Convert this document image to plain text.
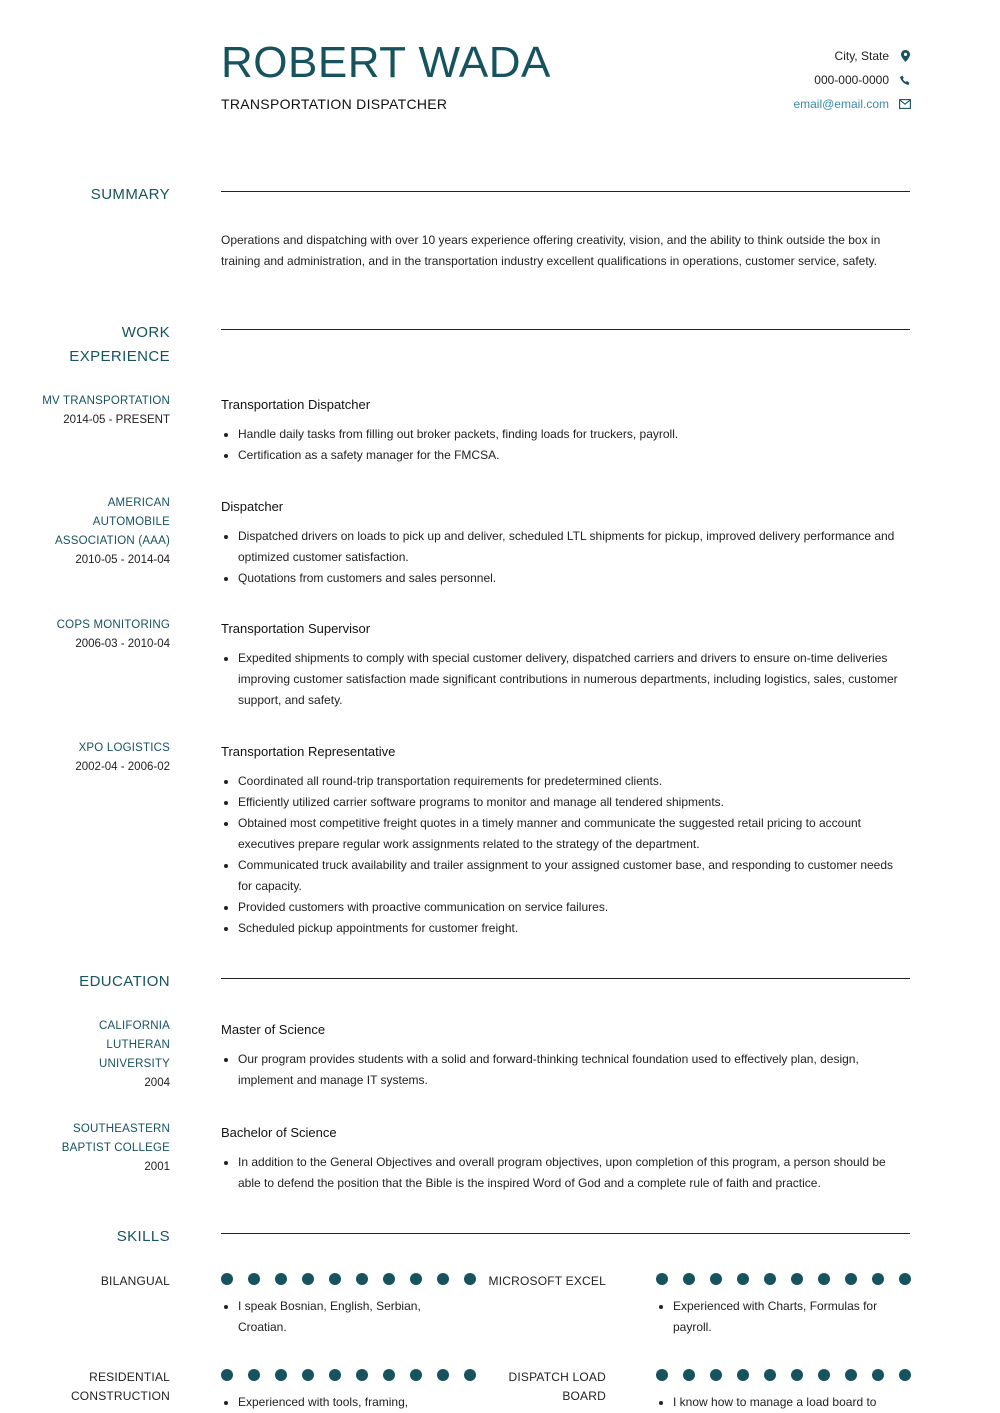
ROBERT WADA
TRANSPORTATION DISPATCHER
City, State
000-000-0000
email@email.com
SUMMARY
Operations and dispatching with over 10 years experience offering creativity, vision, and the ability to think outside the box in training and administration, and in the transportation industry excellent qualifications in operations, customer service, safety.
WORK
EXPERIENCE
MV TRANSPORTATION
2014-05 - PRESENT
Transportation Dispatcher
• Handle daily tasks from filling out broker packets, finding loads for truckers, payroll.
• Certification as a safety manager for the FMCSA.
AMERICAN
AUTOMOBILE
ASSOCIATION (AAA)
2010-05 - 2014-04
Dispatcher
• Dispatched drivers on loads to pick up and deliver, scheduled LTL shipments for pickup, improved delivery performance and optimized customer satisfaction.
• Quotations from customers and sales personnel.
COPS MONITORING
2006-03 - 2010-04
Transportation Supervisor
• Expedited shipments to comply with special customer delivery, dispatched carriers and drivers to ensure on-time deliveries improving customer satisfaction made significant contributions in numerous departments, including logistics, sales, customer support, and safety.
XPO LOGISTICS
2002-04 - 2006-02
Transportation Representative
• Coordinated all round-trip transportation requirements for predetermined clients.
• Efficiently utilized carrier software programs to monitor and manage all tendered shipments.
• Obtained most competitive freight quotes in a timely manner and communicate the suggested retail pricing to account executives prepare regular work assignments related to the strategy of the department.
• Communicated truck availability and trailer assignment to your assigned customer base, and responding to customer needs for capacity.
• Provided customers with proactive communication on service failures.
• Scheduled pickup appointments for customer freight.
EDUCATION
CALIFORNIA
LUTHERAN
UNIVERSITY
2004
Master of Science
• Our program provides students with a solid and forward-thinking technical foundation used to effectively plan, design, implement and manage IT systems.
SOUTHEASTERN
BAPTIST COLLEGE
2001
Bachelor of Science
• In addition to the General Objectives and overall program objectives, upon completion of this program, a person should be able to defend the position that the Bible is the inspired Word of God and a complete rule of faith and practice.
SKILLS
BILANGUAL
• I speak Bosnian, English, Serbian, Croatian.
MICROSOFT EXCEL
• Experienced with Charts, Formulas for payroll.
RESIDENTIAL
CONSTRUCTION	• Experienced with tools, framing,
DISPATCH LOAD
BOARD	• I know how to manage a load board to
